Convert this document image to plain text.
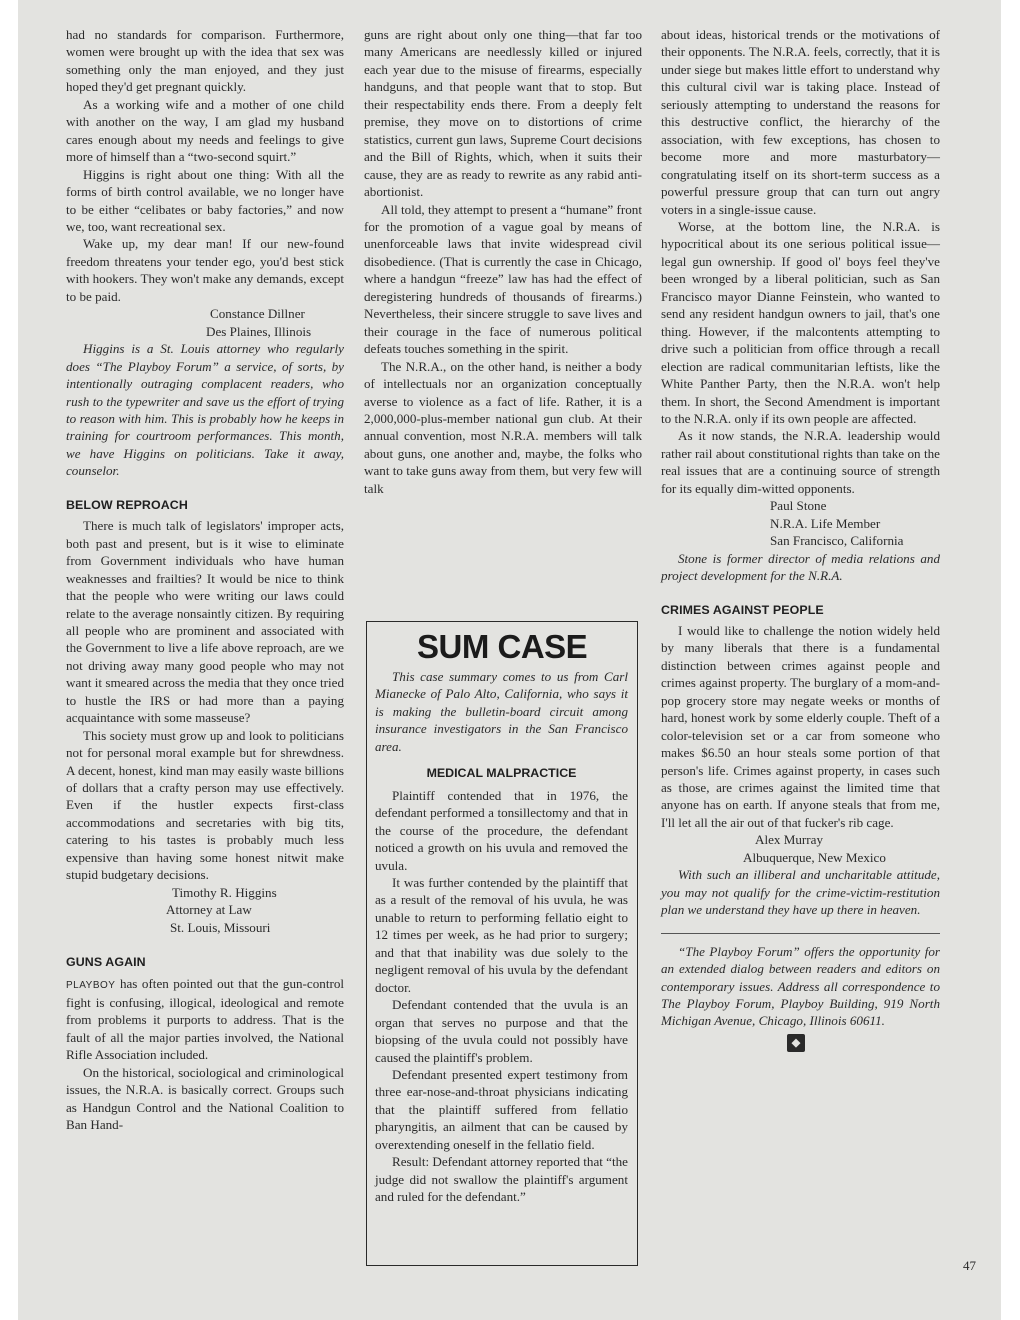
had no standards for comparison. Furthermore, women were brought up with the idea that sex was something only the man enjoyed, and they just hoped they'd get pregnant quickly.

As a working wife and a mother of one child with another on the way, I am glad my husband cares enough about my needs and feelings to give more of himself than a “two-second squirt.”

Higgins is right about one thing: With all the forms of birth control available, we no longer have to be either “celibates or baby factories,” and now we, too, want recreational sex.

Wake up, my dear man! If our new-found freedom threatens your tender ego, you'd best stick with hookers. They won't make any demands, except to be paid.

Constance Dillner
Des Plaines, Illinois

Higgins is a St. Louis attorney who regularly does “The Playboy Forum” a service, of sorts, by intentionally outraging complacent readers, who rush to the typewriter and save us the effort of trying to reason with him. This is probably how he keeps in training for courtroom performances. This month, we have Higgins on politicians. Take it away, counselor.

BELOW REPROACH

There is much talk of legislators' improper acts, both past and present, but is it wise to eliminate from Government individuals who have human weaknesses and frailties? It would be nice to think that the people who were writing our laws could relate to the average nonsaintly citizen. By requiring all people who are prominent and associated with the Government to live a life above reproach, are we not driving away many good people who may not want it smeared across the media that they once tried to hustle the IRS or had more than a paying acquaintance with some masseuse?

This society must grow up and look to politicians not for personal moral example but for shrewdness. A decent, honest, kind man may easily waste billions of dollars that a crafty person may use effectively. Even if the hustler expects first-class accommodations and secretaries with big tits, catering to his tastes is probably much less expensive than having some honest nitwit make stupid budgetary decisions.

Timothy R. Higgins
Attorney at Law
St. Louis, Missouri
GUNS AGAIN

PLAYBOY has often pointed out that the gun-control fight is confusing, illogical, ideological and remote from problems it purports to address. That is the fault of all the major parties involved, the National Rifle Association included.

On the historical, sociological and criminological issues, the N.R.A. is basically correct. Groups such as Handgun Control and the National Coalition to Ban Hand-

guns are right about only one thing—that far too many Americans are needlessly killed or injured each year due to the misuse of firearms, especially handguns, and that people want that to stop. But their respectability ends there. From a deeply felt premise, they move on to distortions of crime statistics, current gun laws, Supreme Court decisions and the Bill of Rights, which, when it suits their cause, they are as ready to rewrite as any rabid anti-abortionist.

All told, they attempt to present a “humane” front for the promotion of a vague goal by means of unenforceable laws that invite widespread civil disobedience. (That is currently the case in Chicago, where a handgun “freeze” law has had the effect of deregistering hundreds of thousands of firearms.) Nevertheless, their sincere struggle to save lives and their courage in the face of numerous political defeats touches something in the spirit.

The N.R.A., on the other hand, is neither a body of intellectuals nor an organization conceptually averse to violence as a fact of life. Rather, it is a 2,000,000-plus-member national gun club. At their annual convention, most N.R.A. members will talk about guns, one another and, maybe, the folks who want to take guns away from them, but very few will talk

SUM CASE

This case summary comes to us from Carl Mianecke of Palo Alto, California, who says it is making the bulletin-board circuit among insurance investigators in the San Francisco area.

MEDICAL MALPRACTICE

Plaintiff contended that in 1976, the defendant performed a tonsillectomy and that in the course of the procedure, the defendant noticed a growth on his uvula and removed the uvula.

It was further contended by the plaintiff that as a result of the removal of his uvula, he was unable to return to performing fellatio eight to 12 times per week, as he had prior to surgery; and that that inability was due solely to the negligent removal of his uvula by the defendant doctor.

Defendant contended that the uvula is an organ that serves no purpose and that the biopsing of the uvula could not possibly have caused the plaintiff's problem.

Defendant presented expert testimony from three ear-nose-and-throat physicians indicating that the plaintiff suffered from fellatio pharyngitis, an ailment that can be caused by overextending oneself in the fellatio field.

Result: Defendant attorney reported that “the judge did not swallow the plaintiff's argument and ruled for the defendant.”

about ideas, historical trends or the motivations of their opponents. The N.R.A. feels, correctly, that it is under siege but makes little effort to understand why this cultural civil war is taking place. Instead of seriously attempting to understand the reasons for this destructive conflict, the hierarchy of the association, with few exceptions, has chosen to become more and more masturbatory—congratulating itself on its short-term success as a powerful pressure group that can turn out angry voters in a single-issue cause.

Worse, at the bottom line, the N.R.A. is hypocritical about its one serious political issue—legal gun ownership. If good ol' boys feel they've been wronged by a liberal politician, such as San Francisco mayor Dianne Feinstein, who wanted to send any resident handgun owners to jail, that's one thing. However, if the malcontents attempting to drive such a politician from office through a recall election are radical communitarian leftists, like the White Panther Party, then the N.R.A. won't help them. In short, the Second Amendment is important to the N.R.A. only if its own people are affected.

As it now stands, the N.R.A. leadership would rather rail about constitutional rights than take on the real issues that are a continuing source of strength for its equally dim-witted opponents.

Paul Stone
N.R.A. Life Member
San Francisco, California

Stone is former director of media relations and project development for the N.R.A.

CRIMES AGAINST PEOPLE

I would like to challenge the notion widely held by many liberals that there is a fundamental distinction between crimes against people and crimes against property. The burglary of a mom-and-pop grocery store may negate weeks or months of hard, honest work by some elderly couple. Theft of a color-television set or a car from someone who makes $6.50 an hour steals some portion of that person's life. Crimes against property, in cases such as those, are crimes against the limited time that anyone has on earth. If anyone steals that from me, I'll let all the air out of that fucker's rib cage.

Alex Murray
Albuquerque, New Mexico

With such an illiberal and uncharitable attitude, you may not qualify for the crime-victim-restitution plan we understand they have up there in heaven.

“The Playboy Forum” offers the opportunity for an extended dialog between readers and editors on contemporary issues. Address all correspondence to The Playboy Forum, Playboy Building, 919 North Michigan Avenue, Chicago, Illinois 60611.

◆
47
